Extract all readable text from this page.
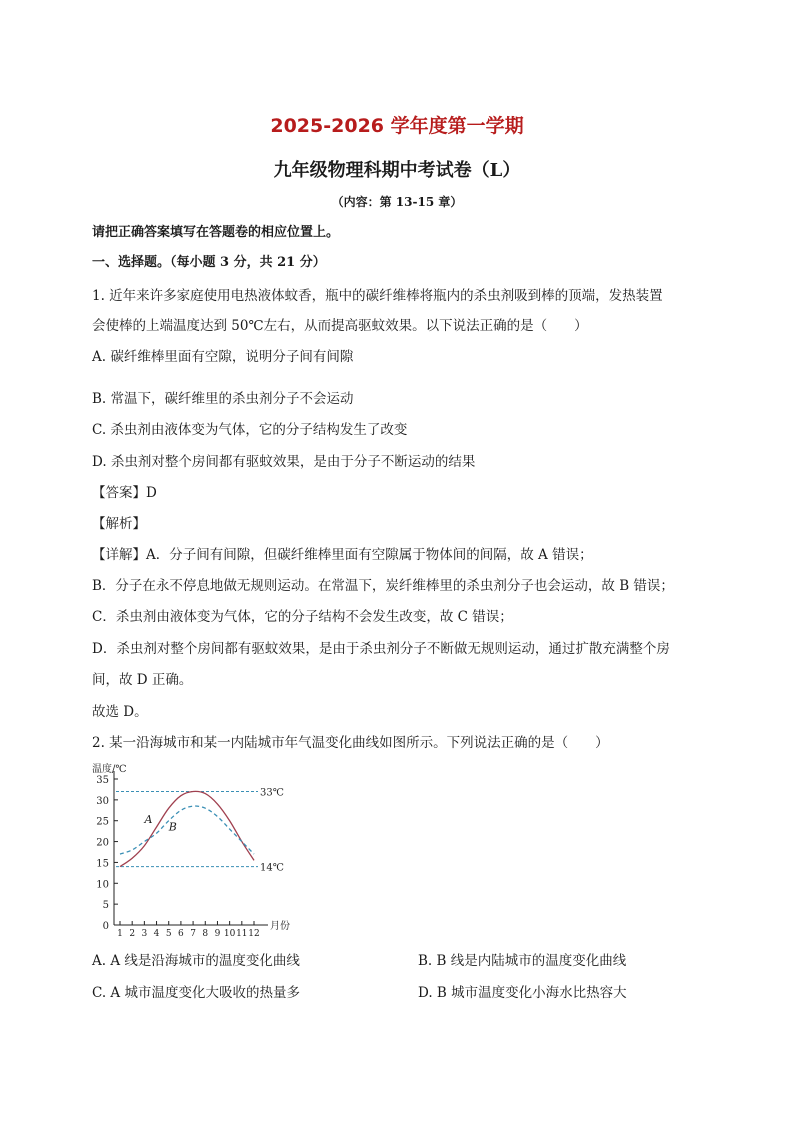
2025-2026 学年度第一学期
九年级物理科期中考试卷（L）
（内容：第 13-15 章）
请把正确答案填写在答题卷的相应位置上。
一、选择题。（每小题 3 分，共 21 分）
1. 近年来许多家庭使用电热液体蚊香，瓶中的碳纤维棒将瓶内的杀虫剂吸到棒的顶端，发热装置
会使棒的上端温度达到 50℃左右，从而提高驱蚊效果。以下说法正确的是（　　）
A. 碳纤维棒里面有空隙，说明分子间有间隙
B. 常温下，碳纤维里的杀虫剂分子不会运动
C. 杀虫剂由液体变为气体，它的分子结构发生了改变
D. 杀虫剂对整个房间都有驱蚊效果，是由于分子不断运动的结果
【答案】D
【解析】
【详解】A．分子间有间隙，但碳纤维棒里面有空隙属于物体间的间隔，故 A 错误；
B．分子在永不停息地做无规则运动。在常温下，炭纤维棒里的杀虫剂分子也会运动，故 B 错误；
C．杀虫剂由液体变为气体，它的分子结构不会发生改变，故 C 错误；
D．杀虫剂对整个房间都有驱蚊效果，是由于杀虫剂分子不断做无规则运动，通过扩散充满整个房
间，故 D 正确。
故选 D。
2. 某一沿海城市和某一内陆城市年气温变化曲线如图所示。下列说法正确的是（　　）
0
5
10
15
20
25
30
35
1 2 3 4 5 6 7 8 9 10 11 12
温度/℃
月份
33℃
14℃
A
B
A. A 线是沿海城市的温度变化曲线	B. B 线是内陆城市的温度变化曲线
C. A 城市温度变化大吸收的热量多	D. B 城市温度变化小海水比热容大
